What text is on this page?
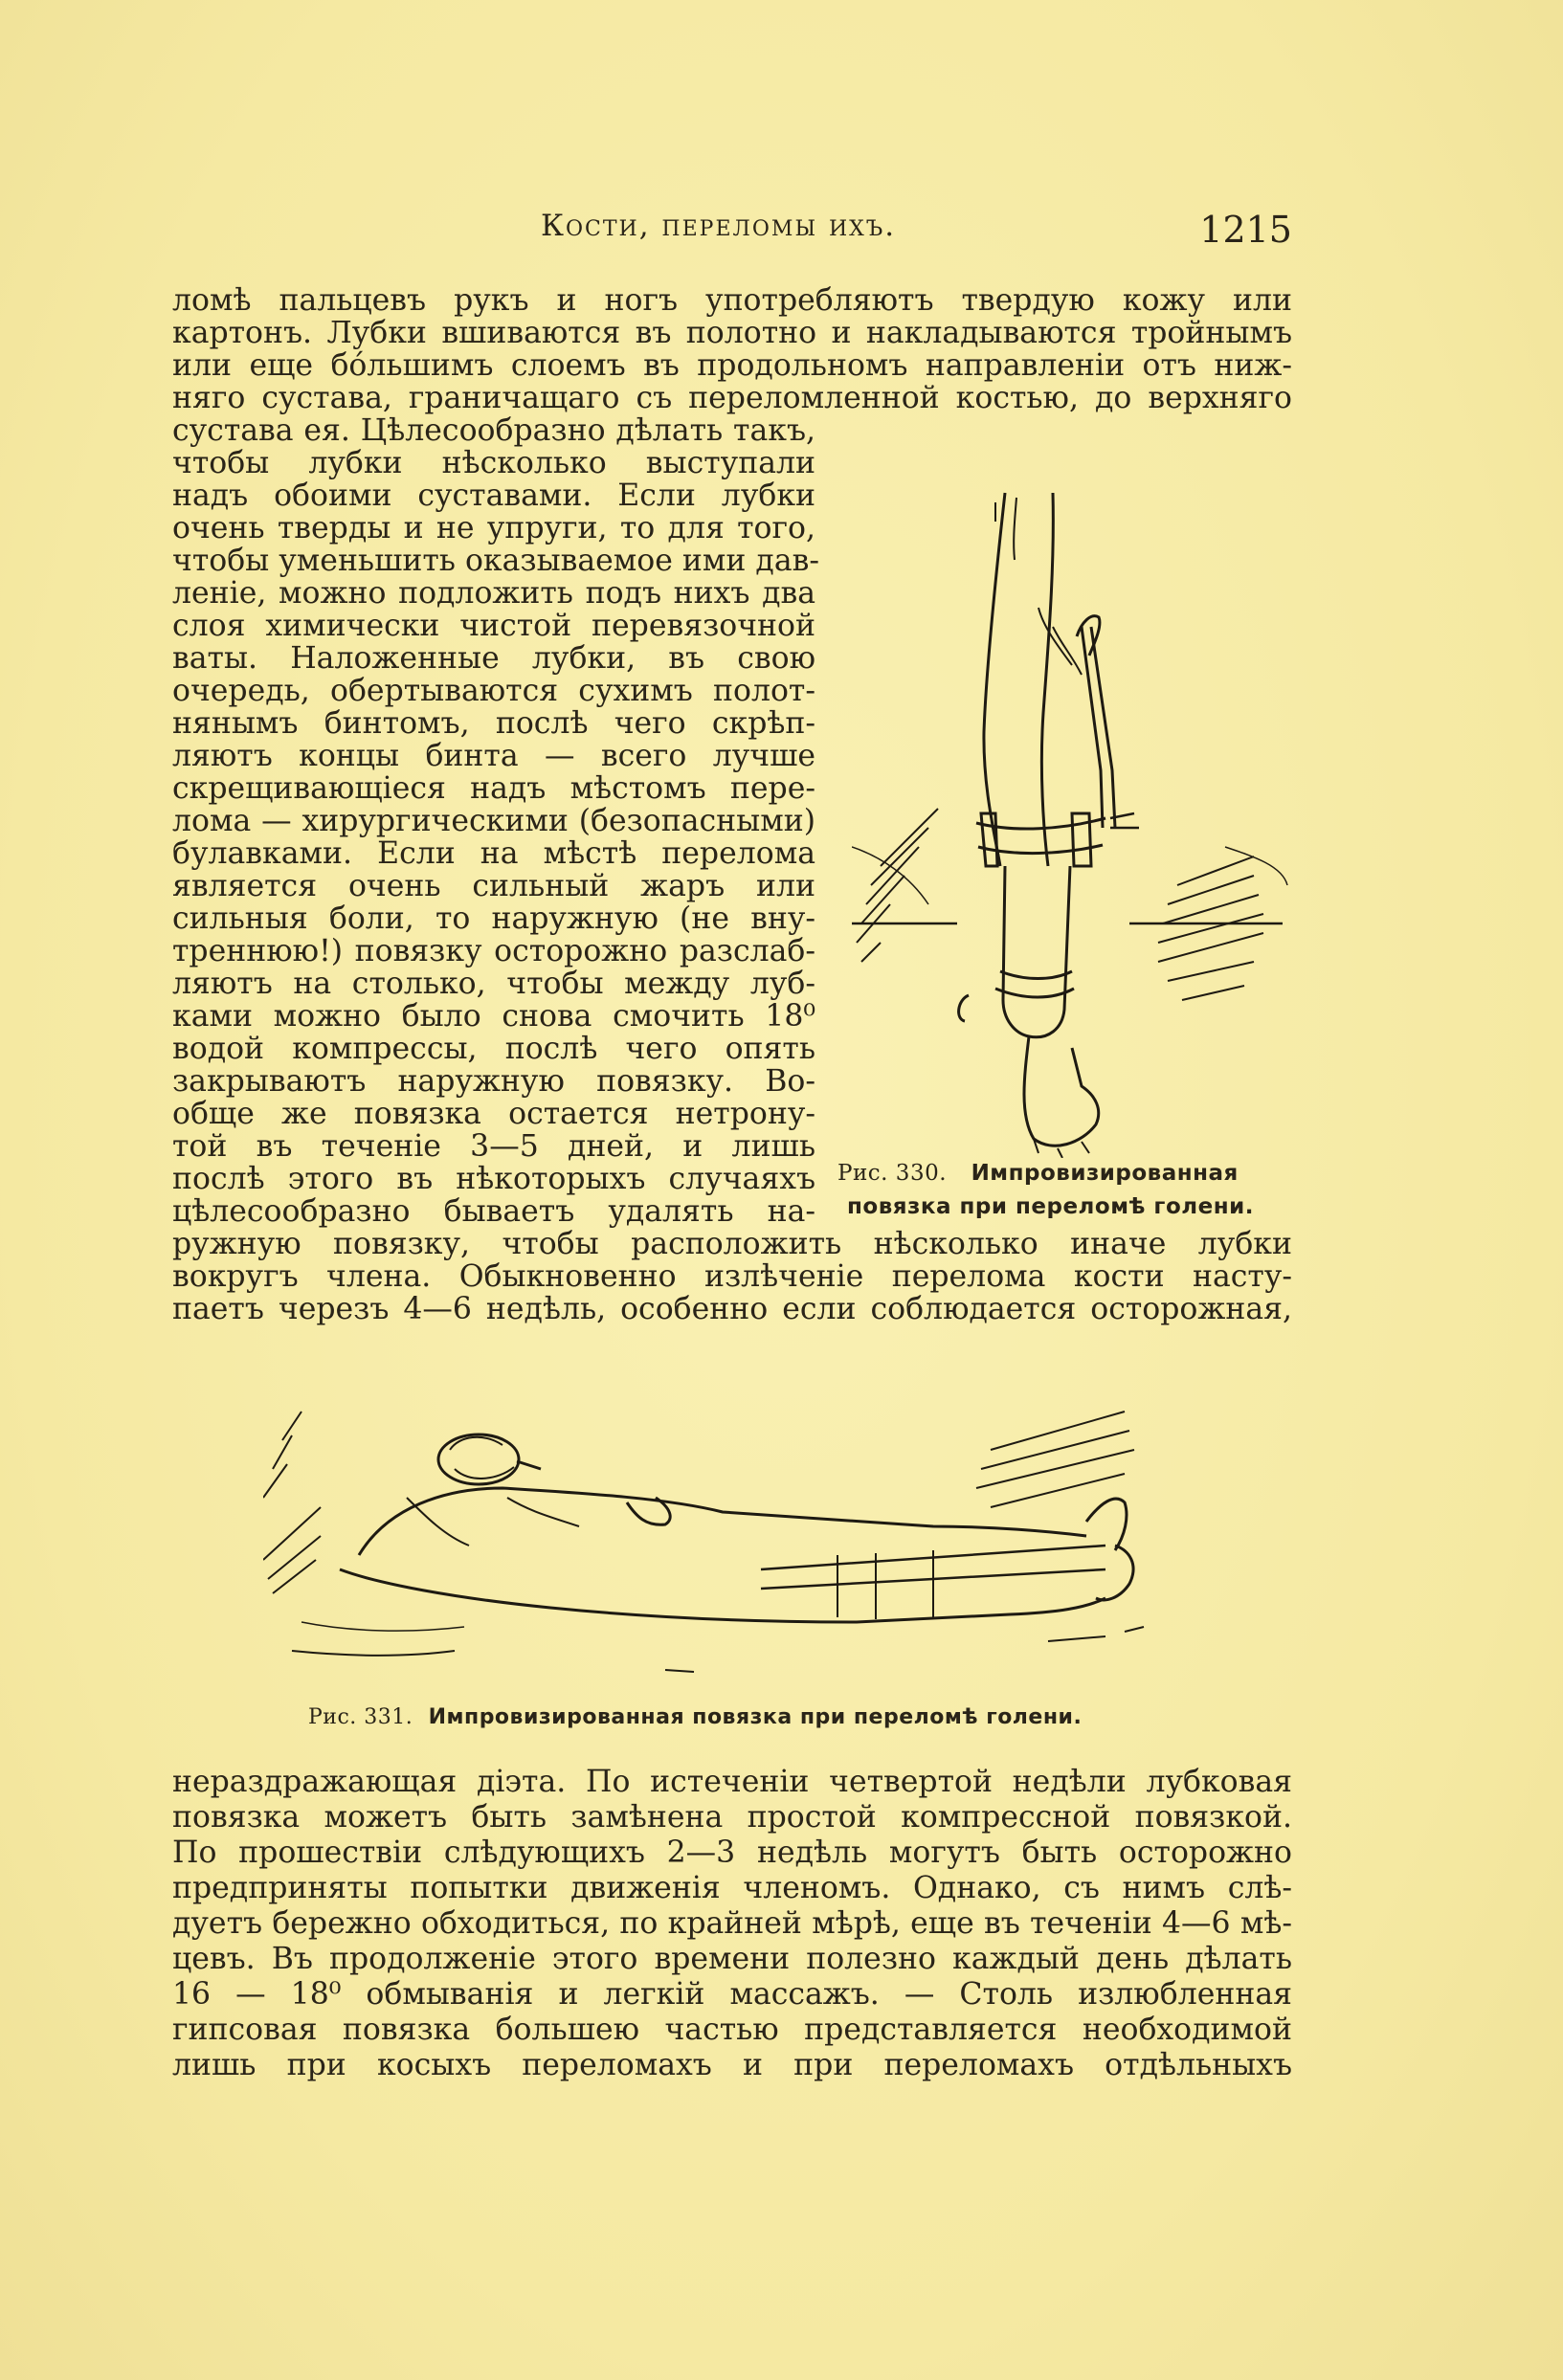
Кости, переломы ихъ.	1215
ломѣ пальцевъ рукъ и ногъ употребляютъ твердую кожу или
картонъ. Лубки вшиваются въ полотно и накладываются тройнымъ
или еще бо́льшимъ слоемъ въ продольномъ направленіи отъ ниж-
няго сустава, граничащаго съ переломленной костью, до верхняго
сустава ея. Цѣлесообразно дѣлать такъ,
чтобы лубки нѣсколько выступали
надъ обоими суставами. Если лубки
очень тверды и не упруги, то для того,
чтобы уменьшить оказываемое ими дав-
леніе, можно подложить подъ нихъ два
слоя химически чистой перевязочной
ваты. Наложенные лубки, въ свою
очередь, обертываются сухимъ полот-
нянымъ бинтомъ, послѣ чего скрѣп-
ляютъ концы бинта — всего лучше
скрещивающіеся надъ мѣстомъ пере-
лома — хирургическими (безопасными)
булавками. Если на мѣстѣ перелома
является очень сильный жаръ или
сильныя боли, то наружную (не вну-
треннюю!) повязку осторожно разслаб-
ляютъ на столько, чтобы между луб-
ками можно было снова смочить 18⁰
водой компрессы, послѣ чего опять
закрываютъ наружную повязку. Во-
обще же повязка остается нетрону-
той въ теченіе 3—5 дней, и лишь
послѣ этого въ нѣкоторыхъ случаяхъ
цѣлесообразно бываетъ удалять на-
Рис. 330. Импровизированная
повязка при переломѣ голени.
ружную повязку, чтобы расположить нѣсколько иначе лубки
вокругъ члена. Обыкновенно излѣченіе перелома кости насту-
паетъ черезъ 4—6 недѣль, особенно если соблюдается осторожная,
Рис. 331. Импровизированная повязка при переломѣ голени.
нераздражающая діэта. По истеченіи четвертой недѣли лубковая
повязка можетъ быть замѣнена простой компрессной повязкой.
По прошествіи слѣдующихъ 2—3 недѣль могутъ быть осторожно
предприняты попытки движенія членомъ. Однако, съ нимъ слѣ-
дуетъ бережно обходиться, по крайней мѣрѣ, еще въ теченіи 4—6 мѣ-
цевъ. Въ продолженіе этого времени полезно каждый день дѣлать
16 — 18⁰ обмыванія и легкій массажъ. — Столь излюбленная
гипсовая повязка большею частью представляется необходимой
лишь при косыхъ переломахъ и при переломахъ отдѣльныхъ
